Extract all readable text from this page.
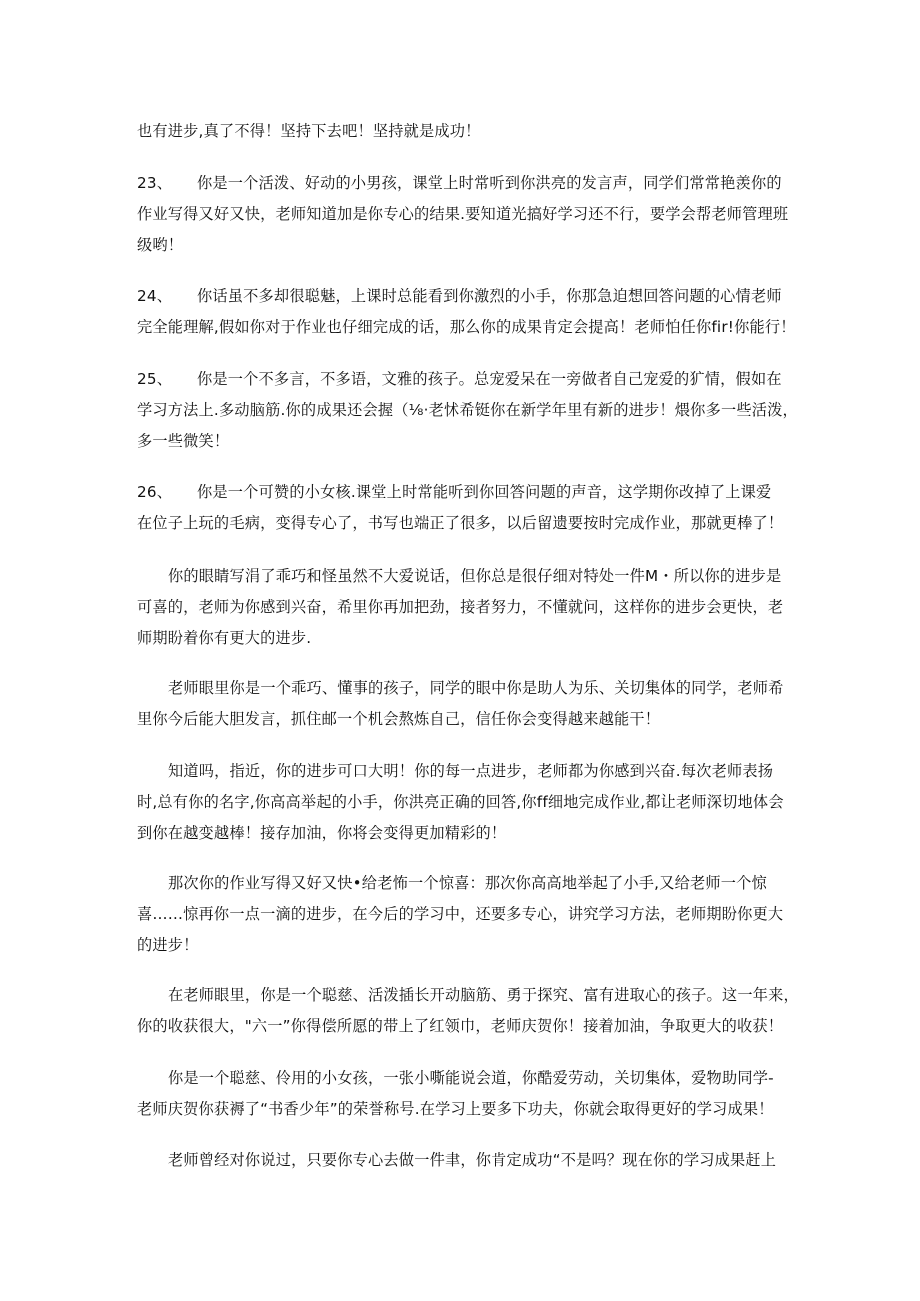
也有进步,真了不得！坚持下去吧！坚持就是成功！

23、 你是一个活泼、好动的小男孩，课堂上时常听到你洪亮的发言声，同学们常常艳羡你的
作业写得又好又快，老师知道加是你专心的结果.要知道光搞好学习还不行，要学会帮老师管理班
级哟！

24、 你话虽不多却很聪魅，上课时总能看到你激烈的小手，你那急迫想回答问题的心情老师
完全能理解,假如你对于作业也仔细完成的话，那么你的成果肯定会提高！老师怕任你fir!你能行！

25、 你是一个不多言，不多语，文雅的孩子。总宠爱呆在一旁做者自己宠爱的犷情，假如在
学习方法上.多动脑筋.你的成果还会握（⅛·老怵希铤你在新学年里有新的进步！煨你多一些活泼，
多一些微笑！

26、 你是一个可赞的小女核.课堂上时常能听到你回答问题的声音，这学期你改掉了上课爱
在位子上玩的毛病，变得专心了，书写也端正了很多，以后留遗要按时完成作业，那就更棒了！

你的眼睛写涓了乖巧和怪虽然不大爱说话，但你总是很仔细对特处一件M・所以你的进步是
可喜的，老师为你感到兴奋，希里你再加把劲，接者努力，不懂就问，这样你的进步会更快，老
师期盼着你有更大的进步.

老师眼里你是一个乖巧、懂事的孩子，同学的眼中你是助人为乐、关切集体的同学，老师希
里你今后能大胆发言，抓住邮一个机会熬炼自己，信任你会变得越来越能干！

知道吗，指近，你的进步可口大明！你的每一点进步，老师都为你感到兴奋.每次老师表扬
时,总有你的名字,你高高举起的小手，你洪亮正确的回答,你ff细地完成作业,都让老师深切地体会
到你在越变越棒！接存加油，你将会变得更加精彩的！

那次你的作业写得又好又快•给老怖一个惊喜：那次你高高地举起了小手,又给老师一个惊
喜……惊再你一点一滴的进步，在今后的学习中，还要多专心，讲究学习方法，老师期盼你更大
的进步！

在老师眼里，你是一个聪慈、活泼插长开动脑筋、勇于探究、富有进取心的孩子。这一年来，
你的收获很大，"六一”你得偿所愿的带上了红领巾，老师庆贺你！接着加油，争取更大的收获！

你是一个聪慈、伶用的小女孩，一张小嘶能说会道，你酷爱劳动，关切集体，爱物助同学-
老师庆贺你获褥了“书香少年”的荣誉称号.在学习上要多下功夫，你就会取得更好的学习成果！

老师曾经对你说过，只要你专心去做一件聿，你肯定成功“不是吗？现在你的学习成果赶上
